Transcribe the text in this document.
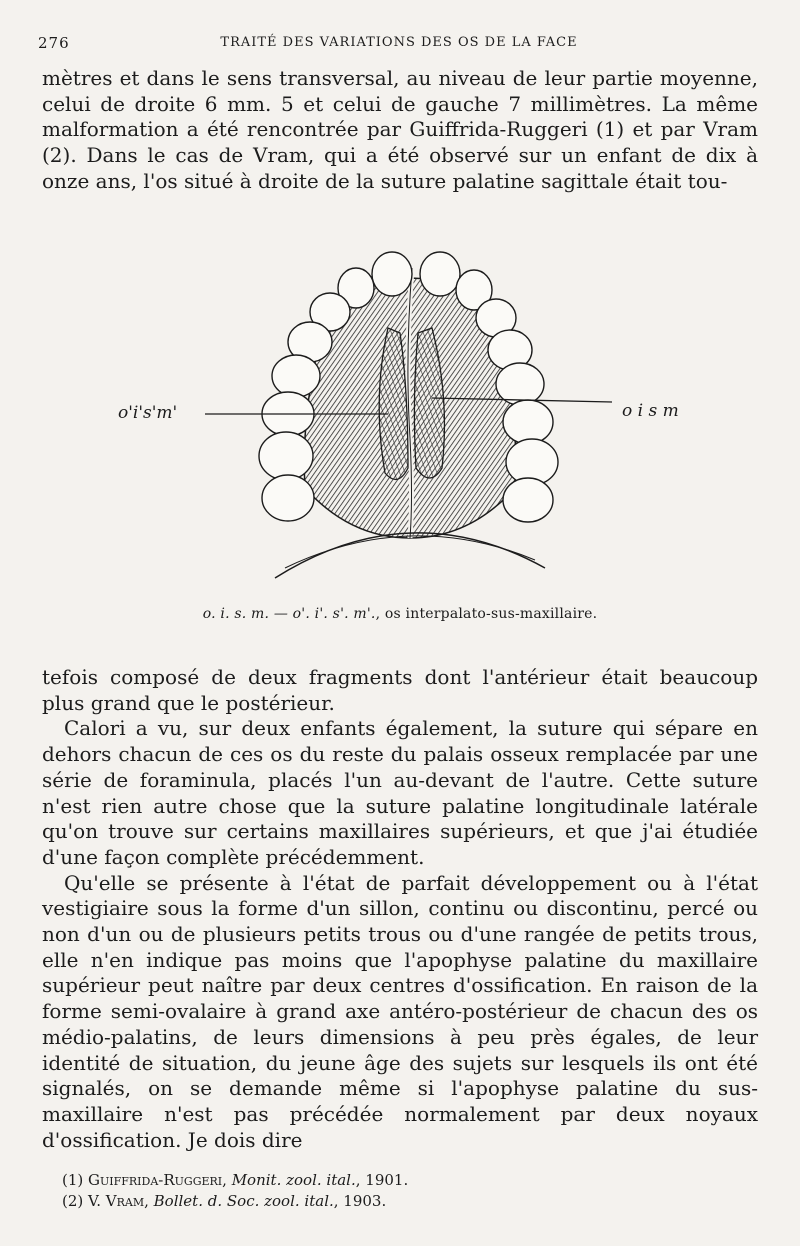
276	TRAITÉ DES VARIATIONS DES OS DE LA FACE

mètres et dans le sens transversal, au niveau de leur partie moyenne, celui de droite 6 mm. 5 et celui de gauche 7 millimètres. La même malformation a été rencontrée par Guiffrida-Ruggeri (1) et par Vram (2). Dans le cas de Vram, qui a été observé sur un enfant de dix à onze ans, l'os situé à droite de la suture palatine sagittale était tou-

o'i's'm'	o i s m
o. i. s. m. — o'. i'. s'. m'., os interpalato-sus-maxillaire.

tefois composé de deux fragments dont l'antérieur était beaucoup plus grand que le postérieur.

Calori a vu, sur deux enfants également, la suture qui sépare en dehors chacun de ces os du reste du palais osseux remplacée par une série de foraminula, placés l'un au-devant de l'autre. Cette suture n'est rien autre chose que la suture palatine longitudinale latérale qu'on trouve sur certains maxillaires supérieurs, et que j'ai étudiée d'une façon complète précédemment.

Qu'elle se présente à l'état de parfait développement ou à l'état vestigiaire sous la forme d'un sillon, continu ou discontinu, percé ou non d'un ou de plusieurs petits trous ou d'une rangée de petits trous, elle n'en indique pas moins que l'apophyse palatine du maxillaire supérieur peut naître par deux centres d'ossification. En raison de la forme semi-ovalaire à grand axe antéro-postérieur de chacun des os médio-palatins, de leurs dimensions à peu près égales, de leur identité de situation, du jeune âge des sujets sur lesquels ils ont été signalés, on se demande même si l'apophyse palatine du sus-maxillaire n'est pas précédée normalement par deux noyaux d'ossification. Je dois dire

(1) Guiffrida-Ruggeri, Monit. zool. ital., 1901.
(2) V. Vram, Bollet. d. Soc. zool. ital., 1903.
